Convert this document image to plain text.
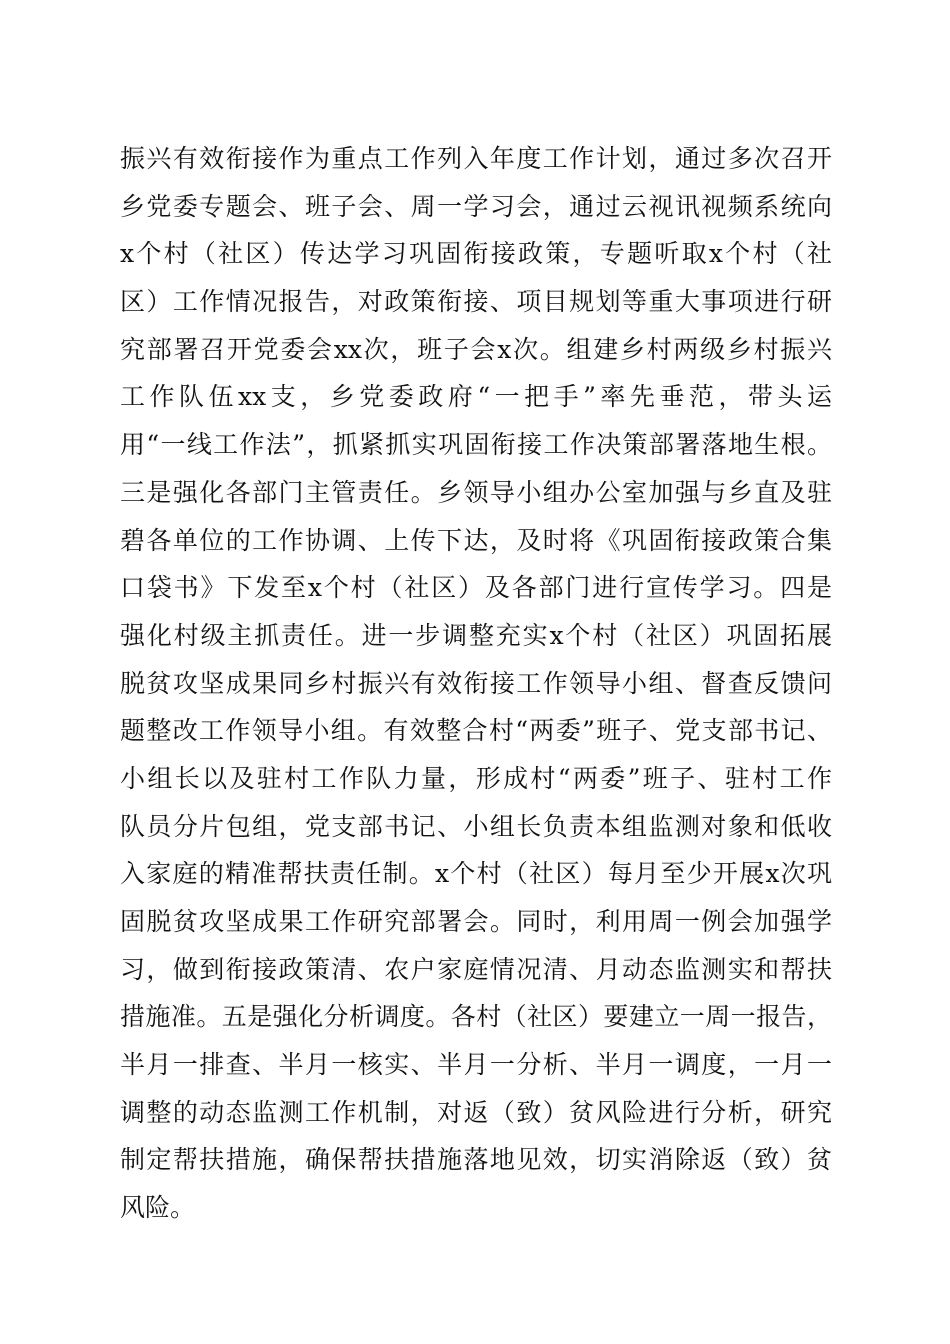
振兴有效衔接作为重点工作列入年度工作计划，通过多次召开
乡党委专题会、班子会、周一学习会，通过云视讯视频系统向
x个村（社区）传达学习巩固衔接政策，专题听取x个村（社
区）工作情况报告，对政策衔接、项目规划等重大事项进行研
究部署召开党委会xx次，班子会x次。组建乡村两级乡村振兴
工作队伍xx支，乡党委政府“一把手”率先垂范，带头运
用“一线工作法”，抓紧抓实巩固衔接工作决策部署落地生根。
三是强化各部门主管责任。乡领导小组办公室加强与乡直及驻
碧各单位的工作协调、上传下达，及时将《巩固衔接政策合集
口袋书》下发至x个村（社区）及各部门进行宣传学习。四是
强化村级主抓责任。进一步调整充实x个村（社区）巩固拓展
脱贫攻坚成果同乡村振兴有效衔接工作领导小组、督查反馈问
题整改工作领导小组。有效整合村“两委”班子、党支部书记、
小组长以及驻村工作队力量，形成村“两委”班子、驻村工作
队员分片包组，党支部书记、小组长负责本组监测对象和低收
入家庭的精准帮扶责任制。x个村（社区）每月至少开展x次巩
固脱贫攻坚成果工作研究部署会。同时，利用周一例会加强学
习，做到衔接政策清、农户家庭情况清、月动态监测实和帮扶
措施准。五是强化分析调度。各村（社区）要建立一周一报告，
半月一排查、半月一核实、半月一分析、半月一调度，一月一
调整的动态监测工作机制，对返（致）贫风险进行分析，研究
制定帮扶措施，确保帮扶措施落地见效，切实消除返（致）贫
风险。
